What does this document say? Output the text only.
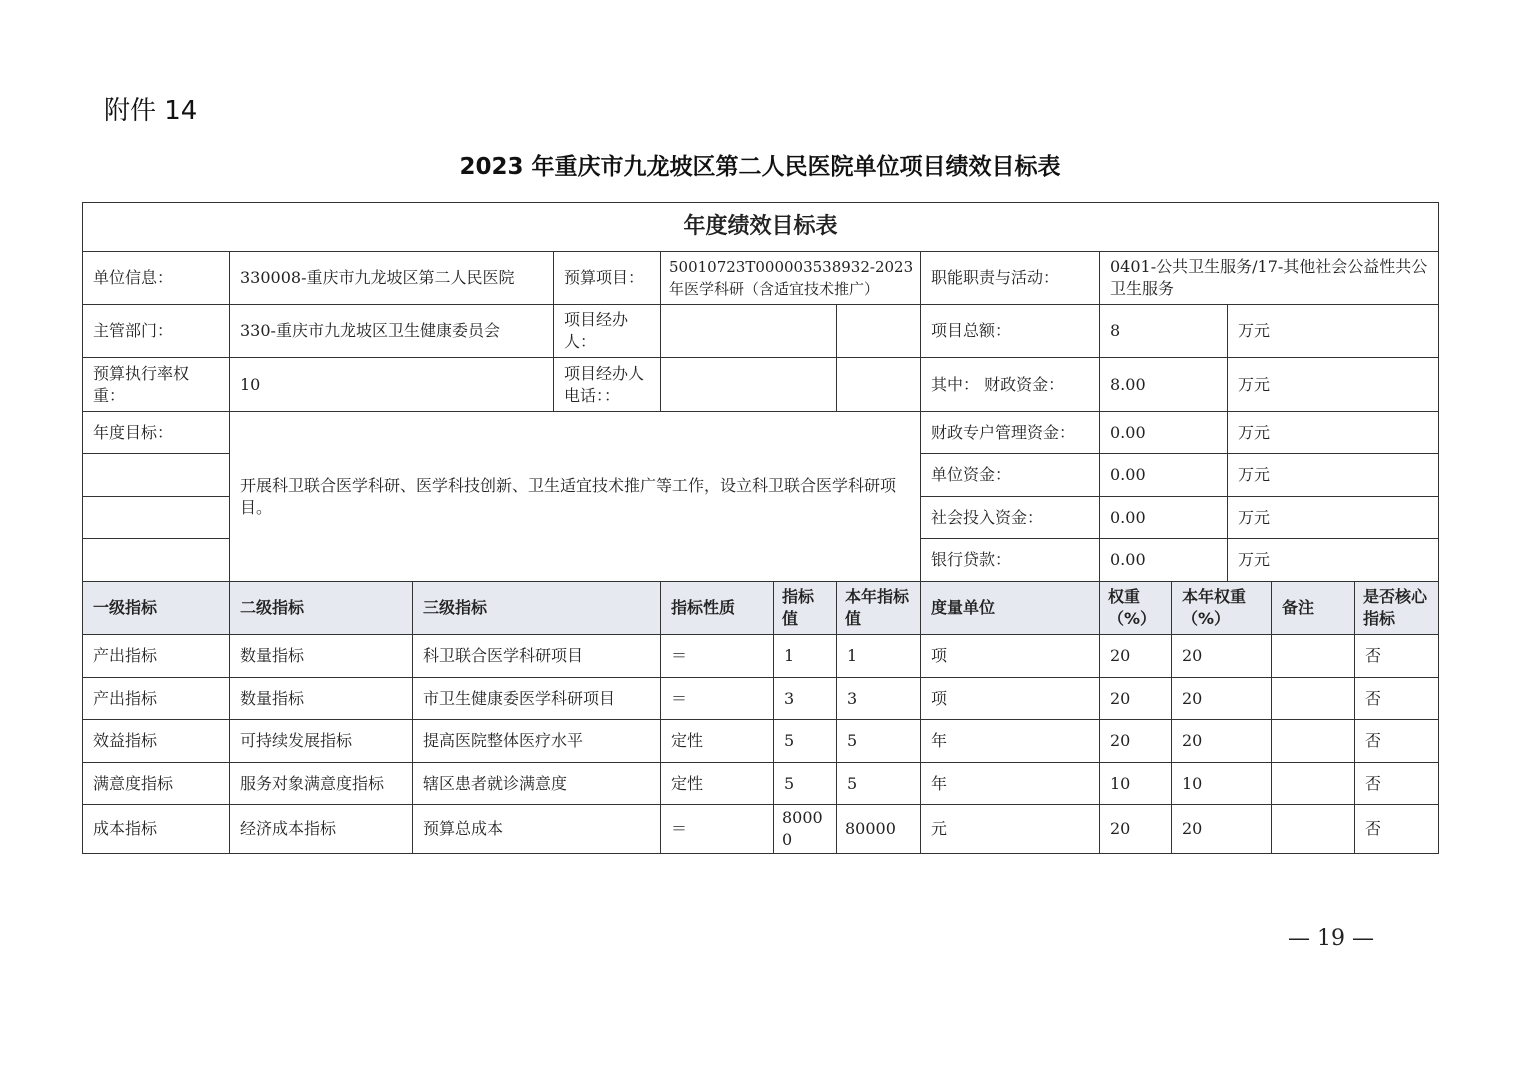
附件 14
2023 年重庆市九龙坡区第二人民医院单位项目绩效目标表
年度绩效目标表												
单位信息：	330008-重庆市九龙坡区第二人民医院		预算项目：	50010723T000003538932-2023年医学科研（含适宜技术推广）			职能职责与活动：	0401-公共卫生服务/17-其他社会公益性共公卫生服务				
主管部门：	330-重庆市九龙坡区卫生健康委员会		项目经办人：				项目总额：	8		万元		
预算执行率权重：	10		项目经办人电话：：				其中： 财政资金：	8.00		万元		
年度目标：	开展科卫联合医学科研、医学科技创新、卫生适宜技术推广等工作，设立科卫联合医学科研项目。						财政专户管理资金：	0.00		万元		
							单位资金：	0.00		万元		
							社会投入资金：	0.00		万元		
							银行贷款：	0.00		万元		
一级指标	二级指标	三级指标		指标性质	指标值	本年指标值	度量单位	权重（%）	本年权重（%）		备注	是否核心指标
产出指标	数量指标	科卫联合医学科研项目		＝	1	1	项	20	20			否
产出指标	数量指标	市卫生健康委医学科研项目		＝	3	3	项	20	20			否
效益指标	可持续发展指标	提高医院整体医疗水平		定性	5	5	年	20	20			否
满意度指标	服务对象满意度指标	辖区患者就诊满意度		定性	5	5	年	10	10			否
成本指标	经济成本指标	预算总成本		＝	80000	80000	元	20	20			否
— 19 —
